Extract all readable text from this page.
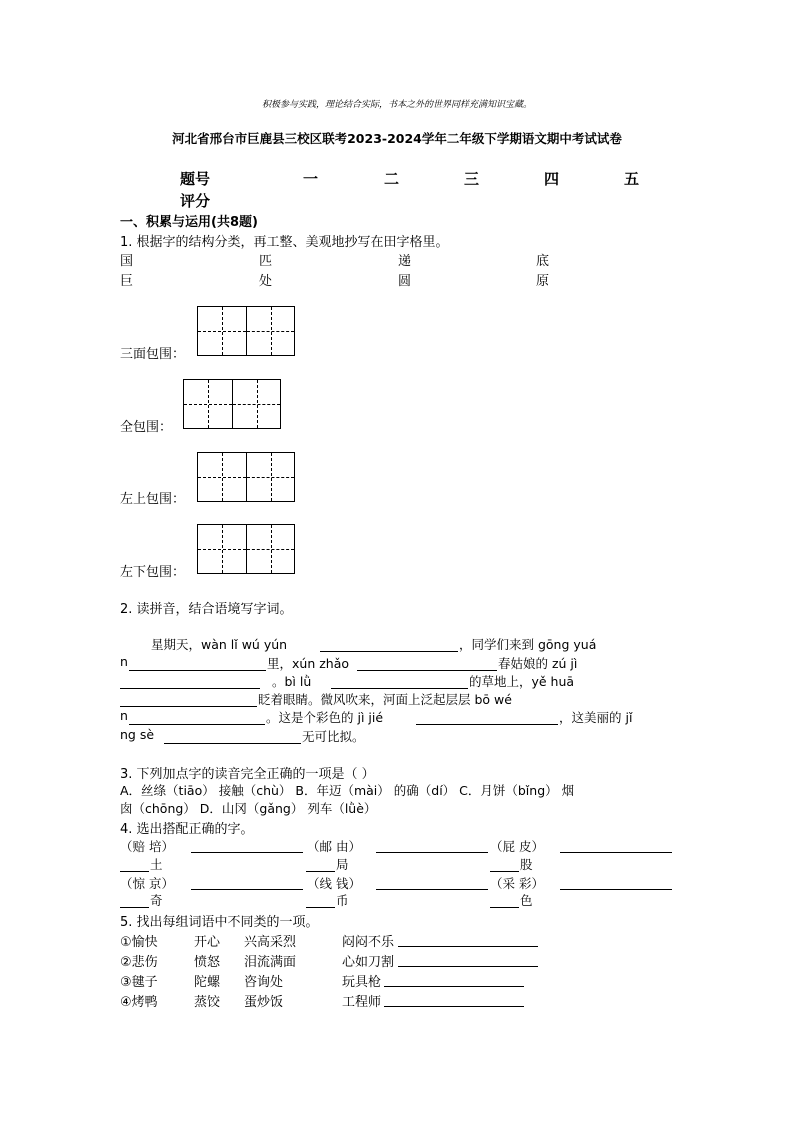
积极参与实践，理论结合实际，书本之外的世界同样充满知识宝藏。
河北省邢台市巨鹿县三校区联考2023-2024学年二年级下学期语文期中考试试卷
题号	一	二	三	四	五
评分
一、积累与运用(共8题)
1. 根据字的结构分类，再工整、美观地抄写在田字格里。
国	匹	递	底
巨	处	圆	原
三面包围：
全包围：
左上包围：
左下包围：
2. 读拼音，结合语境写字词。
星期天，wàn lǐ wú yún	，同学们来到 gōng yuá
n	里，xún zhǎo	春姑娘的 zú jì
。bì lǜ	的草地上，yě huā
眨着眼睛。微风吹来，河面上泛起层层 bō wé
n	。这是个彩色的 jì jié	，这美丽的 jǐ
ng sè	无可比拟。
3. 下列加点字的读音完全正确的一项是（ ）
A．丝绦（tiāo） 接触（chù） B．年迈（mài） 的确（dí） C．月饼（bǐng） 烟
囱（chōng） D．山冈（gǎng） 列车（lǜè）
4. 选出搭配正确的字。
（赔 培）	（邮 由）	（屁 皮）
土	局	股
（惊 京）	（线 钱）	（采 彩）
奇	币	色
5. 找出每组词语中不同类的一项。
①愉快	开心 兴高采烈	闷闷不乐
②悲伤	愤怒 泪流满面	心如刀割
③毽子	陀螺 咨询处	玩具枪
④烤鸭	蒸饺 蛋炒饭	工程师
